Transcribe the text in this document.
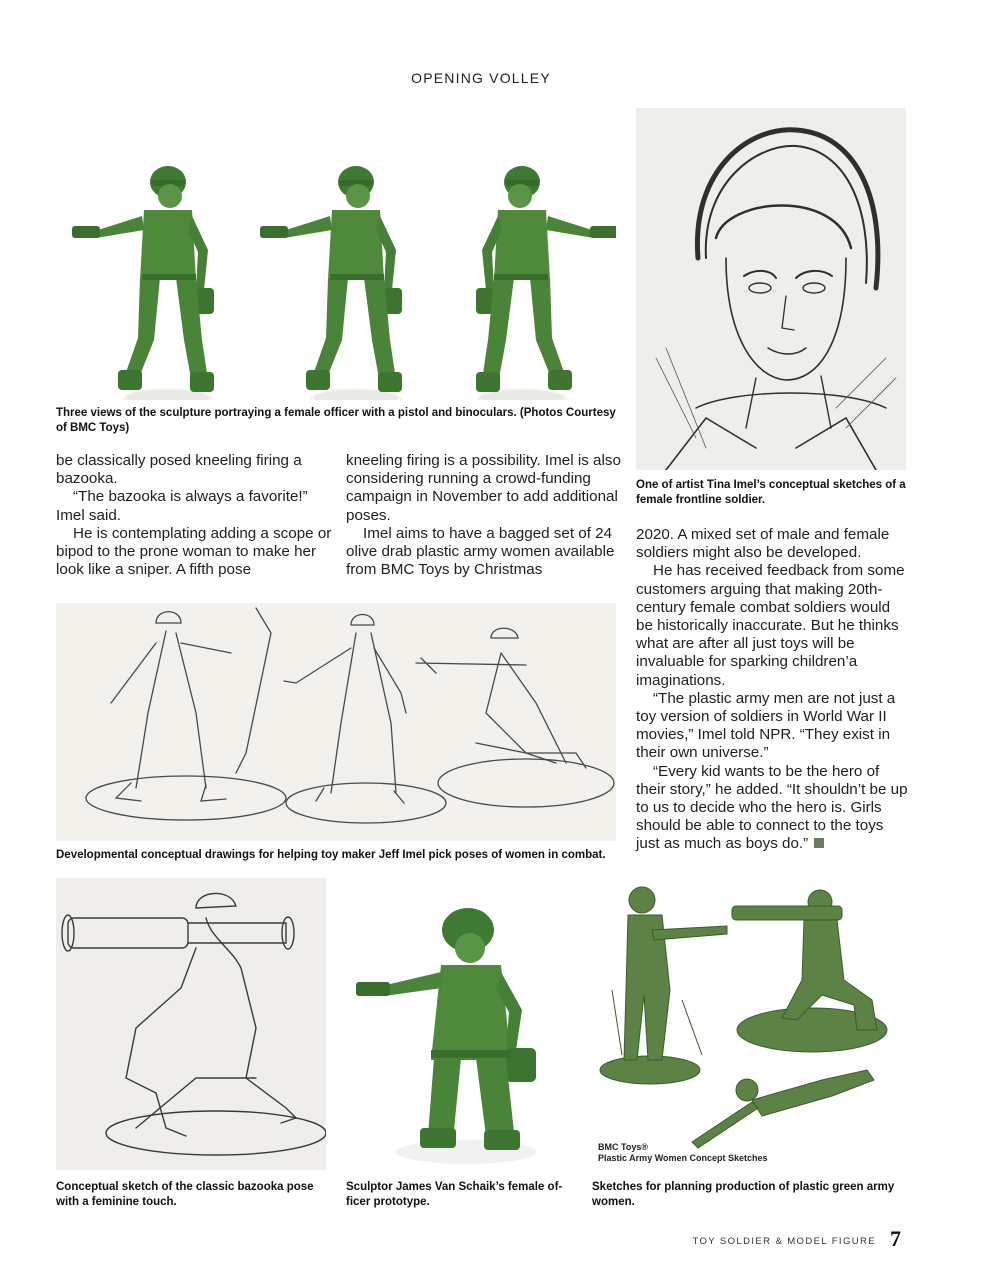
OPENING VOLLEY
Three views of the sculpture portraying a female officer with a pistol and binoculars. (Photos Courtesy of BMC Toys)
One of artist Tina Imel’s conceptual sketches of a female frontline soldier.

be classically posed kneeling firing a bazooka.

“The bazooka is always a favorite!” Imel said.

He is contemplating adding a scope or bipod to the prone woman to make her look like a sniper. A fifth pose

kneeling firing is a possibility. Imel is also considering running a crowd-funding campaign in November to add additional poses.

Imel aims to have a bagged set of 24 olive drab plastic army women available from BMC Toys by Christmas

2020. A mixed set of male and female soldiers might also be developed.

He has received feedback from some customers arguing that making 20th-century female combat soldiers would be historically inaccurate. But he thinks what are after all just toys will be invaluable for sparking children’a imaginations.

“The plastic army men are not just a toy version of soldiers in World War II movies,” Imel told NPR. “They exist in their own universe.”

“Every kid wants to be the hero of their story,” he added. “It shouldn’t be up to us to decide who the hero is. Girls should be able to connect to the toys just as much as boys do.”

Developmental conceptual drawings for helping toy maker Jeff Imel pick poses of women in combat.
Conceptual sketch of the classic bazooka pose with a feminine touch.
Sculptor James Van Schaik’s female of-ficer prototype.
BMC Toys®
Plastic Army Women Concept Sketches
Sketches for planning production of plastic green army women.
TOY SOLDIER & MODEL FIGURE 7
